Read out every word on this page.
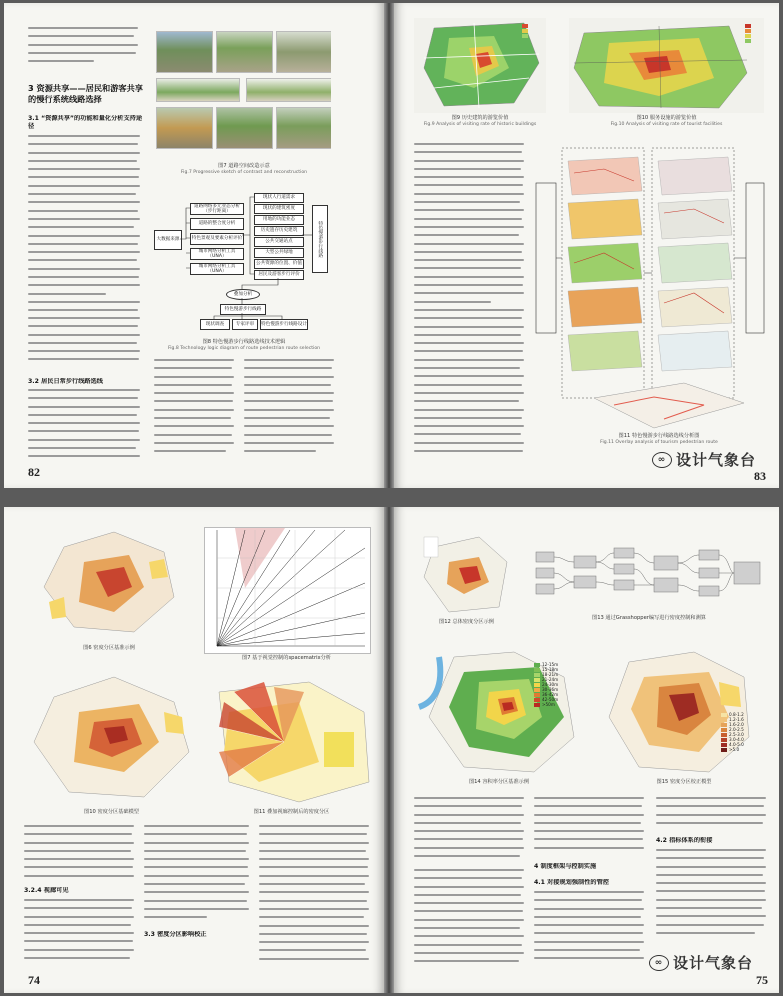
3 资源共享——居民和游客共享的慢行系统线路选择
3.1 “资源共享”的功能和量化分析支持途径
3.2 居民日常步行线路选线
图7 道路空间改造示意
Fig.7 Progressive sketch of contrast and reconstruction
大数据来源
道路网络多元业态分析（步行距离）
道路的整合度分析
特色景观及要素分析评价
城市网络分析工具（UNA）
城市网络分析工具（UNA）
现状人行道需求
现状的建筑密度
用地的功能业态
历史遗存历史建筑
公共交通站点
大型公共绿地
公共资源的位置、价值
居民及游客步行评价
特色慢游步行线路
叠加分析
特色慢游步行线路
现状调查	专家评审	特色慢游步行线路设计
图8 特色慢游步行线路选线技术逻辑
Fig.8 Technology logic diagram of route pedestrian route selection
82
图9 历史建筑的游览价值
Fig.9 Analysis of visiting rate of historic buildings
图10 服务设施的游览价值
Fig.10 Analysis of visiting rate of tourist facilities
图11 特色慢游步行线路选线分析图
Fig.11 Overlay analysis of tourism pedestrian route
∞ 设计气象台
83
图6 密度分区基准示例
图7 基于视觉控制的spacematrix分析
图10 密度分区基础模型	图11 叠加视廊控制后的密度分区
3.2.4 视廊可见
3.3 密度分区影响校正
74
图12 总体密度分区示例
图13 通过Grasshopper编写进行密度控制和测算
12-15m
15-18m
18-21m
21-24m
24-30m
30-36m
36-42m
42-50m
>50m
图14 容积率分区基准示例
0.8-1.2
1.2-1.6
1.6-2.0
2.0-2.5
2.5-3.0
3.0-4.0
4.0-5.0
>5.0
图15 密度分区校正模型
4 制度框架与控制实施
4.1 对接规划强制性的管控
4.2 指标体系的衔接
∞ 设计气象台
75
